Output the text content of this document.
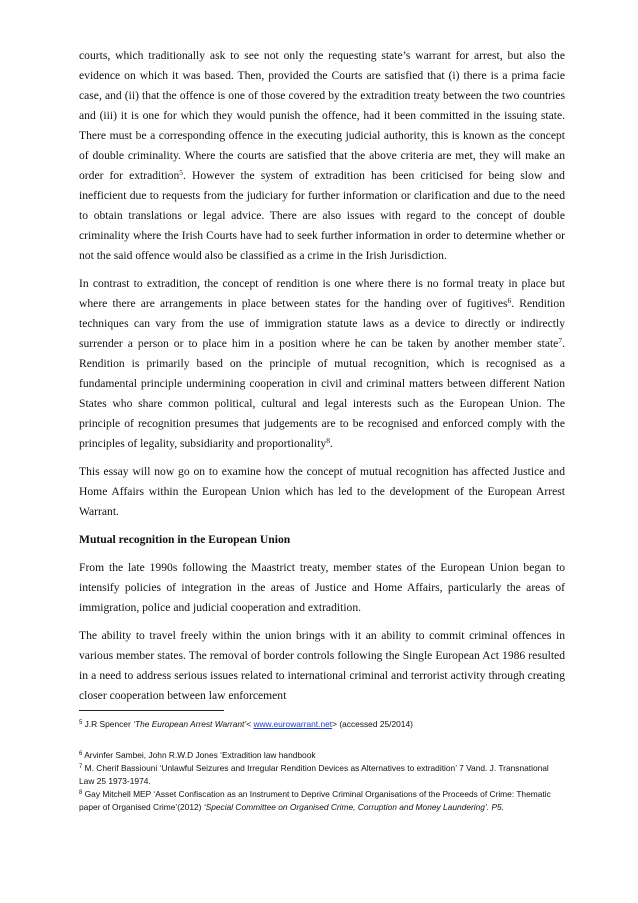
courts, which traditionally ask to see not only the requesting state’s warrant for arrest, but also the evidence on which it was based. Then, provided the Courts are satisfied that (i) there is a prima facie case, and (ii) that the offence is one of those covered by the extradition treaty between the two countries and (iii) it is one for which they would punish the offence, had it been committed in the issuing state. There must be a corresponding offence in the executing judicial authority, this is known as the concept of double criminality. Where the courts are satisfied that the above criteria are met, they will make an order for extradition$^5$. However the system of extradition has been criticised for being slow and inefficient due to requests from the judiciary for further information or clarification and due to the need to obtain translations or legal advice. There are also issues with regard to the concept of double criminality where the Irish Courts have had to seek further information in order to determine whether or not the said offence would also be classified as a crime in the Irish Jurisdiction.

In contrast to extradition, the concept of rendition is one where there is no formal treaty in place but where there are arrangements in place between states for the handing over of fugitives$^6$. Rendition techniques can vary from the use of immigration statute laws as a device to directly or indirectly surrender a person or to place him in a position where he can be taken by another member state$^7$. Rendition is primarily based on the principle of mutual recognition, which is recognised as a fundamental principle undermining cooperation in civil and criminal matters between different Nation States who share common political, cultural and legal interests such as the European Union. The principle of recognition presumes that judgements are to be recognised and enforced comply with the principles of legality, subsidiarity and proportionality$^8$.

This essay will now go on to examine how the concept of mutual recognition has affected Justice and Home Affairs within the European Union which has led to the development of the European Arrest Warrant.

Mutual recognition in the European Union

From the late 1990s following the Maastrict treaty, member states of the European Union began to intensify policies of integration in the areas of Justice and Home Affairs, particularly the areas of immigration, police and judicial cooperation and extradition.

The ability to travel freely within the union brings with it an ability to commit criminal offences in various member states. The removal of border controls following the Single European Act 1986 resulted in a need to address serious issues related to international criminal and terrorist activity through creating closer cooperation between law enforcement

$^5$ J.R Spencer ‘The European Arrest Warrant’< www.eurowarrant.net> (accessed 25/2014)
$^6$ Arvinfer Sambei, John R.W.D Jones ‘Extradition law handbook
$^7$ M. Cherif Bassiouni ‘Unlawful Seizures and Irregular Rendition Devices as Alternatives to extradition’ 7 Vand. J. Transnational Law 25 1973-1974.
$^8$ Gay Mitchell MEP ‘Asset Confiscation as an Instrument to Deprive Criminal Organisations of the Proceeds of Crime: Thematic paper of Organised Crime’(2012) ‘Special Committee on Organised Crime, Corruption and Money Laundering’. P5.
